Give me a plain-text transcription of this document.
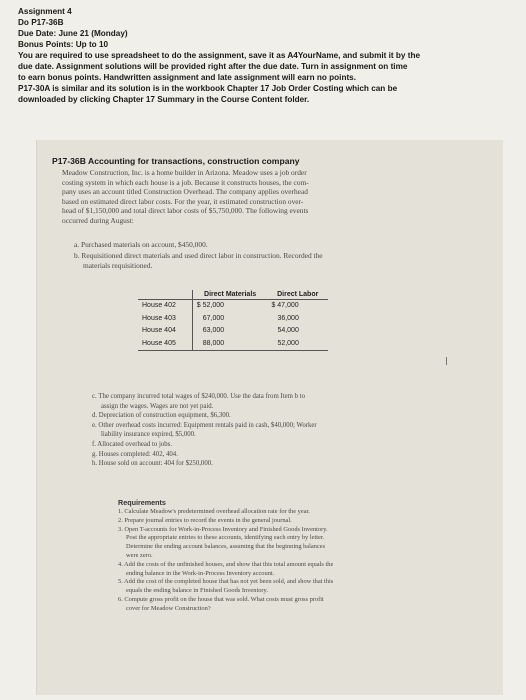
Assignment 4

Do P17-36B

Due Date: June 21 (Monday)

Bonus Points: Up to 10

You are required to use spreadsheet to do the assignment, save it as A4YourName, and submit it by the

due date. Assignment solutions will be provided right after the due date. Turn in assignment on time

to earn bonus points. Handwritten assignment and late assignment will earn no points.

P17-30A is similar and its solution is in the workbook Chapter 17 Job Order Costing which can be

downloaded by clicking Chapter 17 Summary in the Course Content folder.

P17-36B Accounting for transactions, construction company
Meadow Construction, Inc. is a home builder in Arizona. Meadow uses a job order
costing system in which each house is a job. Because it constructs houses, the com-
pany uses an account titled Construction Overhead. The company applies overhead
based on estimated direct labor costs. For the year, it estimated construction over-
head of $1,150,000 and total direct labor costs of $5,750,000. The following events
occurred during August:
a. Purchased materials on account, $450,000.
b. Requisitioned direct materials and used direct labor in construction. Recorded the
materials requisitioned.
	Direct Materials	Direct Labor
House 402	$ 52,000	$ 47,000
House 403	67,000	36,000
House 404	63,000	54,000
House 405	88,000	52,000
c. The company incurred total wages of $240,000. Use the data from Item b to
assign the wages. Wages are not yet paid.
d. Depreciation of construction equipment, $6,300.
e. Other overhead costs incurred: Equipment rentals paid in cash, $40,000; Worker
liability insurance expired, $5,000.
f. Allocated overhead to jobs.
g. Houses completed: 402, 404.
h. House sold on account: 404 for $250,000.
Requirements
1. Calculate Meadow's predetermined overhead allocation rate for the year.
2. Prepare journal entries to record the events in the general journal.
3. Open T-accounts for Work-in-Process Inventory and Finished Goods Inventory.
Post the appropriate entries to these accounts, identifying each entry by letter.
Determine the ending account balances, assuming that the beginning balances
were zero.
4. Add the costs of the unfinished houses, and show that this total amount equals the
ending balance in the Work-in-Process Inventory account.
5. Add the cost of the completed house that has not yet been sold, and show that this
equals the ending balance in Finished Goods Inventory.
6. Compute gross profit on the house that was sold. What costs must gross profit
cover for Meadow Construction?
